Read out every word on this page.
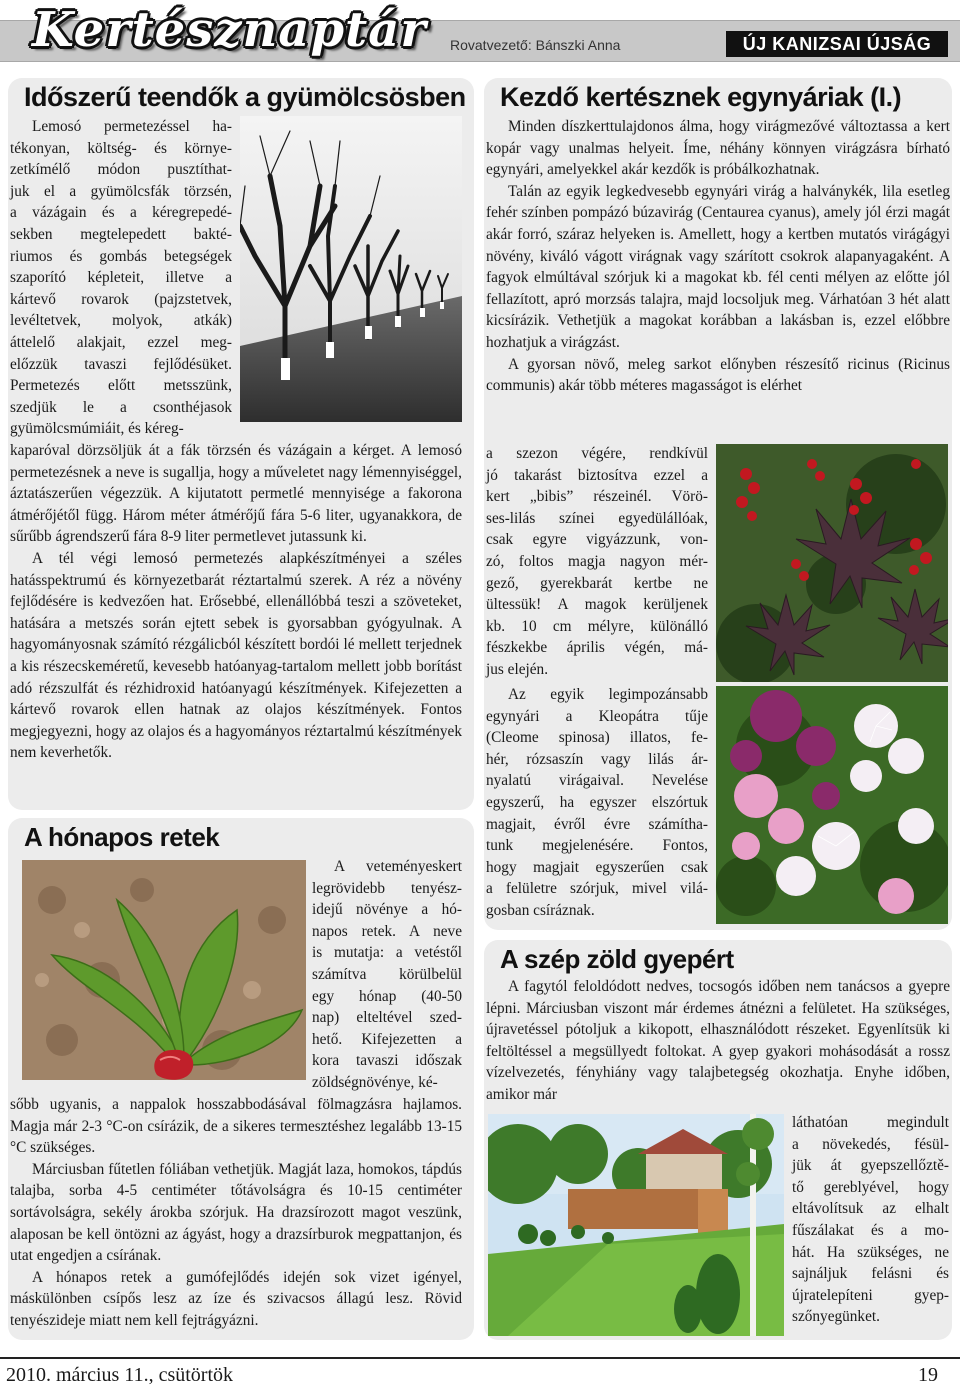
Kertésznaptár Rovatvezető: Bánszki Anna	ÚJ KANIZSAI ÚJSÁG
Időszerű teendők a gyümölcsösben
Lemosó permetezéssel ha-
tékonyan, költség- és környe-
zetkímélő módon pusztíthat-
juk el a gyümölcsfák törzsén,
a vázágain és a kéregrepedé-
sekben megtelepedett bakté-
riumos és gombás betegségek
szaporító képleteit, illetve a
kártevő rovarok (pajzstetvek,
levéltetvek, molyok, atkák)
áttelelő alakjait, ezzel meg-
előzzük tavaszi fejlődésüket.
Permetezés előtt metsszünk,
szedjük le a csonthéjasok
gyümölcsmúmiáit, és kéreg-

kaparóval dörzsöljük át a fák törzsén és vázágain a kérget. A lemosó permetezésnek a neve is sugallja, hogy a műveletet nagy lémennyiséggel, áztatászerűen végezzük. A kijutatott permetlé mennyisége a fakorona átmérőjétől függ. Három méter átmérőjű fára 5-6 liter, ugyanakkora, de sűrűbb ágrendszerű fára 8-9 liter permetlevet jutassunk ki.

A tél végi lemosó permetezés alapkészítményei a széles hatásspektrumú és környezetbarát réztartalmú szerek. A réz a növény fejlődésére is kedvezően hat. Erősebbé, ellenállóbbá teszi a szöveteket, hatására a metszés során ejtett sebek is gyorsabban gyógyulnak. A hagyományosnak számító rézgálicból készített bordói lé mellett terjednek a kis részecskeméretű, kevesebb hatóanyag-tartalom mellett jobb borítást adó rézszulfát és rézhidroxid hatóanyagú készítmények. Kifejezetten a kártevő rovarok ellen hatnak az olajos készítmények. Fontos megjegyezni, hogy az olajos és a hagyományos réztartalmú készítmények nem keverhetők.

A hónapos retek
A veteményeskert
legrövidebb tenyész-
idejű növénye a hó-
napos retek. A neve
is mutatja: a vetéstől
számítva körülbelül
egy hónap (40-50
nap) elteltével szed-
hető. Kifejezetten a
kora tavaszi időszak
zöldségnövénye, ké-

sőbb ugyanis, a nappalok hosszabbodásával fölmagzásra hajlamos. Magja már 2-3 °C-on csírázik, de a sikeres termesztéshez legalább 13-15 °C szükséges.

Márciusban fűtetlen fóliában vethetjük. Magját laza, homokos, tápdús talajba, sorba 4-5 centiméter tőtávolságra és 10-15 centiméter sortávolságra, sekély árokba szórjuk. Ha drazsírozott magot veszünk, alaposan be kell öntözni az ágyást, hogy a drazsírburok megpattanjon, és utat engedjen a csírának.

A hónapos retek a gumófejlődés idején sok vizet igényel, máskülönben csípős lesz az íze és szivacsos állagú lesz. Rövid tenyészideje miatt nem kell fejtrágyázni.

Kezdő kertésznek egynyáriak (I.)

Minden díszkerttulajdonos álma, hogy virágmezővé változtassa a kert kopár vagy unalmas helyeit. Íme, néhány könnyen virágzásra bírható egynyári, amelyekkel akár kezdők is próbálkozhatnak.

Talán az egyik legkedvesebb egynyári virág a halványkék, lila esetleg fehér színben pompázó búzavirág (Centaurea cyanus), amely jól érzi magát akár forró, száraz helyeken is. Amellett, hogy a kertben mutatós virágágyi növény, kiváló vágott virágnak vagy szárított csokrok alapanyagaként. A fagyok elmúltával szórjuk ki a magokat kb. fél centi mélyen az előtte jól fellazított, apró morzsás talajra, majd locsoljuk meg. Várhatóan 3 hét alatt kicsírázik. Vethetjük a magokat korábban a lakásban is, ezzel előbbre hozhatjuk a virágzást.

A gyorsan növő, meleg sarkot előnyben részesítő ricinus (Ricinus communis) akár több méteres magasságot is elérhet

a szezon végére, rendkívül
jó takarást biztosítva ezzel a
kert „bibis” részeinél. Vörö-
ses-lilás színei egyedülállóak,
csak egyre vigyázzunk, von-
zó, foltos magja nagyon mér-
gező, gyerekbarát kertbe ne
ültessük! A magok kerüljenek
kb. 10 cm mélyre, különálló
fészkekbe április végén, má-
jus elején.
Az egyik legimpozánsabb
egynyári a Kleopátra tűje
(Cleome spinosa) illatos, fe-
hér, rózsaszín vagy lilás ár-
nyalatú virágaival. Nevelése
egyszerű, ha egyszer elszórtuk
magjait, évről évre számítha-
tunk megjelenésére. Fontos,
hogy magjait egyszerűen csak
a felületre szórjuk, mivel vilá-
gosban csíráznak.
A szép zöld gyepért

A fagytól feloldódott nedves, tocsogós időben nem tanácsos a gyepre lépni. Márciusban viszont már érdemes átnézni a felületet. Ha szükséges, újravetéssel pótoljuk a kikopott, elhasználódott részeket. Egyenlítsük ki feltöltéssel a megsüllyedt foltokat. A gyep gyakori mohásodását a rossz vízelvezetés, fényhiány vagy talajbetegség okozhatja. Enyhe időben, amikor már

láthatóan megindult
a növekedés, fésül-
jük át gyepszellőztě-
tő gereblyével, hogy
eltávolítsuk az elhalt
fűszálakat és a mo-
hát. Ha szükséges, ne
sajnáljuk felásni és
újratelepíteni gyep-
szőnyegünket.
2010. március 11., csütörtök	19
